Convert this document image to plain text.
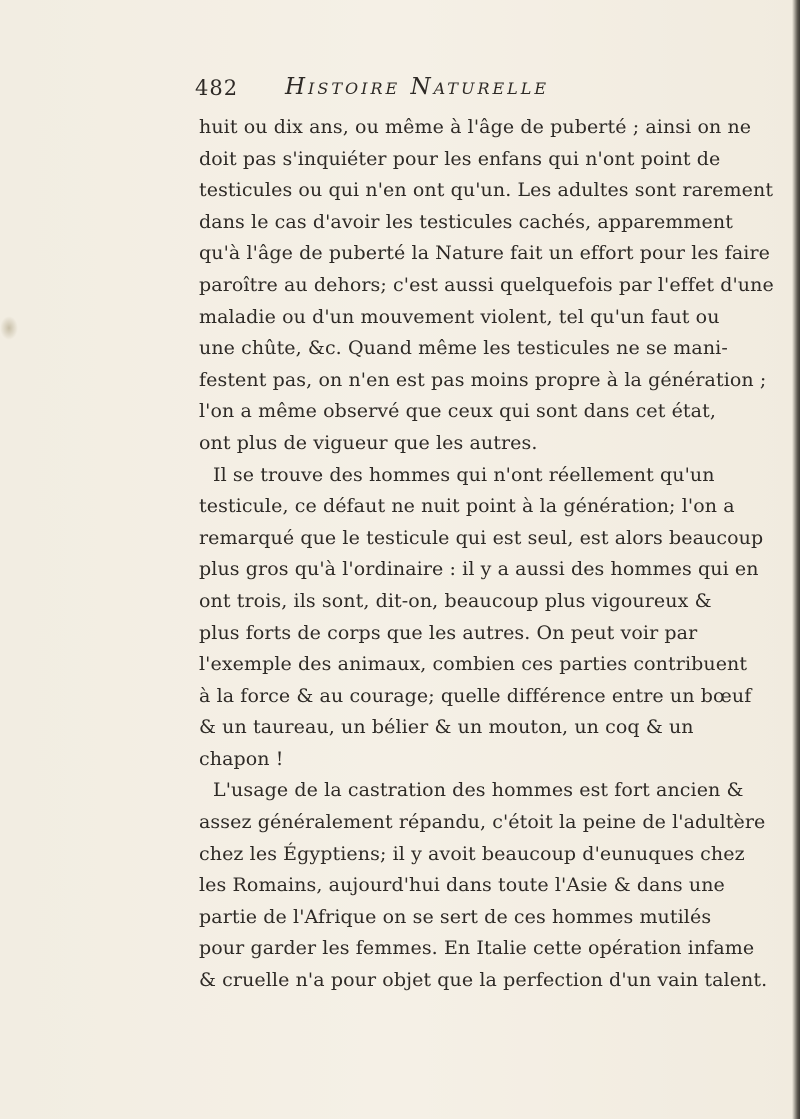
482 Histoire Naturelle
huit ou dix ans, ou même à l'âge de puberté ; ainsi on ne
doit pas s'inquiéter pour les enfans qui n'ont point de
testicules ou qui n'en ont qu'un. Les adultes sont rarement
dans le cas d'avoir les testicules cachés, apparemment
qu'à l'âge de puberté la Nature fait un effort pour les faire
paroître au dehors; c'est aussi quelquefois par l'effet d'une
maladie ou d'un mouvement violent, tel qu'un faut ou
une chûte, &c. Quand même les testicules ne se mani-
festent pas, on n'en est pas moins propre à la génération ;
l'on a même observé que ceux qui sont dans cet état,
ont plus de vigueur que les autres.
Il se trouve des hommes qui n'ont réellement qu'un
testicule, ce défaut ne nuit point à la génération; l'on a
remarqué que le testicule qui est seul, est alors beaucoup
plus gros qu'à l'ordinaire : il y a aussi des hommes qui en
ont trois, ils sont, dit-on, beaucoup plus vigoureux &
plus forts de corps que les autres. On peut voir par
l'exemple des animaux, combien ces parties contribuent
à la force & au courage; quelle différence entre un bœuf
& un taureau, un bélier & un mouton, un coq & un
chapon !
L'usage de la castration des hommes est fort ancien &
assez généralement répandu, c'étoit la peine de l'adultère
chez les Égyptiens; il y avoit beaucoup d'eunuques chez
les Romains, aujourd'hui dans toute l'Asie & dans une
partie de l'Afrique on se sert de ces hommes mutilés
pour garder les femmes. En Italie cette opération infame
& cruelle n'a pour objet que la perfection d'un vain talent.
